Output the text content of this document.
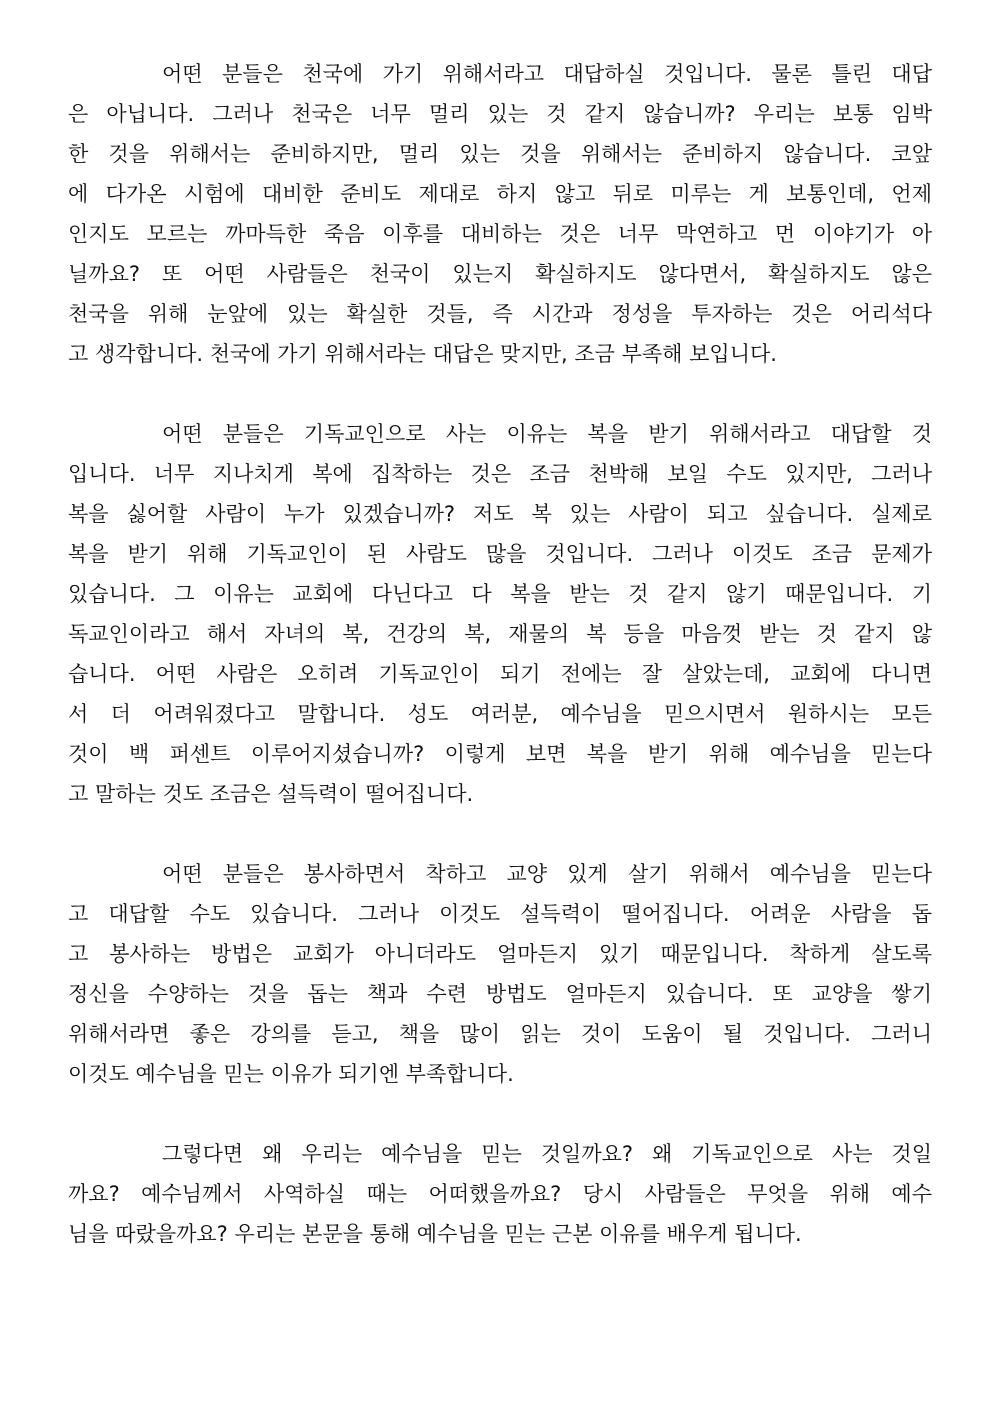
어떤 분들은 천국에 가기 위해서라고 대답하실 것입니다. 물론 틀린 대답
은 아닙니다. 그러나 천국은 너무 멀리 있는 것 같지 않습니까? 우리는 보통 임박
한 것을 위해서는 준비하지만, 멀리 있는 것을 위해서는 준비하지 않습니다. 코앞
에 다가온 시험에 대비한 준비도 제대로 하지 않고 뒤로 미루는 게 보통인데, 언제
인지도 모르는 까마득한 죽음 이후를 대비하는 것은 너무 막연하고 먼 이야기가 아
닐까요? 또 어떤 사람들은 천국이 있는지 확실하지도 않다면서, 확실하지도 않은
천국을 위해 눈앞에 있는 확실한 것들, 즉 시간과 정성을 투자하는 것은 어리석다
고 생각합니다. 천국에 가기 위해서라는 대답은 맞지만, 조금 부족해 보입니다.
어떤 분들은 기독교인으로 사는 이유는 복을 받기 위해서라고 대답할 것
입니다. 너무 지나치게 복에 집착하는 것은 조금 천박해 보일 수도 있지만, 그러나
복을 싫어할 사람이 누가 있겠습니까? 저도 복 있는 사람이 되고 싶습니다. 실제로
복을 받기 위해 기독교인이 된 사람도 많을 것입니다. 그러나 이것도 조금 문제가
있습니다. 그 이유는 교회에 다닌다고 다 복을 받는 것 같지 않기 때문입니다. 기
독교인이라고 해서 자녀의 복, 건강의 복, 재물의 복 등을 마음껏 받는 것 같지 않
습니다. 어떤 사람은 오히려 기독교인이 되기 전에는 잘 살았는데, 교회에 다니면
서 더 어려워졌다고 말합니다. 성도 여러분, 예수님을 믿으시면서 원하시는 모든
것이 백 퍼센트 이루어지셨습니까? 이렇게 보면 복을 받기 위해 예수님을 믿는다
고 말하는 것도 조금은 설득력이 떨어집니다.
어떤 분들은 봉사하면서 착하고 교양 있게 살기 위해서 예수님을 믿는다
고 대답할 수도 있습니다. 그러나 이것도 설득력이 떨어집니다. 어려운 사람을 돕
고 봉사하는 방법은 교회가 아니더라도 얼마든지 있기 때문입니다. 착하게 살도록
정신을 수양하는 것을 돕는 책과 수련 방법도 얼마든지 있습니다. 또 교양을 쌓기
위해서라면 좋은 강의를 듣고, 책을 많이 읽는 것이 도움이 될 것입니다. 그러니
이것도 예수님을 믿는 이유가 되기엔 부족합니다.
그렇다면 왜 우리는 예수님을 믿는 것일까요? 왜 기독교인으로 사는 것일
까요? 예수님께서 사역하실 때는 어떠했을까요? 당시 사람들은 무엇을 위해 예수
님을 따랐을까요? 우리는 본문을 통해 예수님을 믿는 근본 이유를 배우게 됩니다.
